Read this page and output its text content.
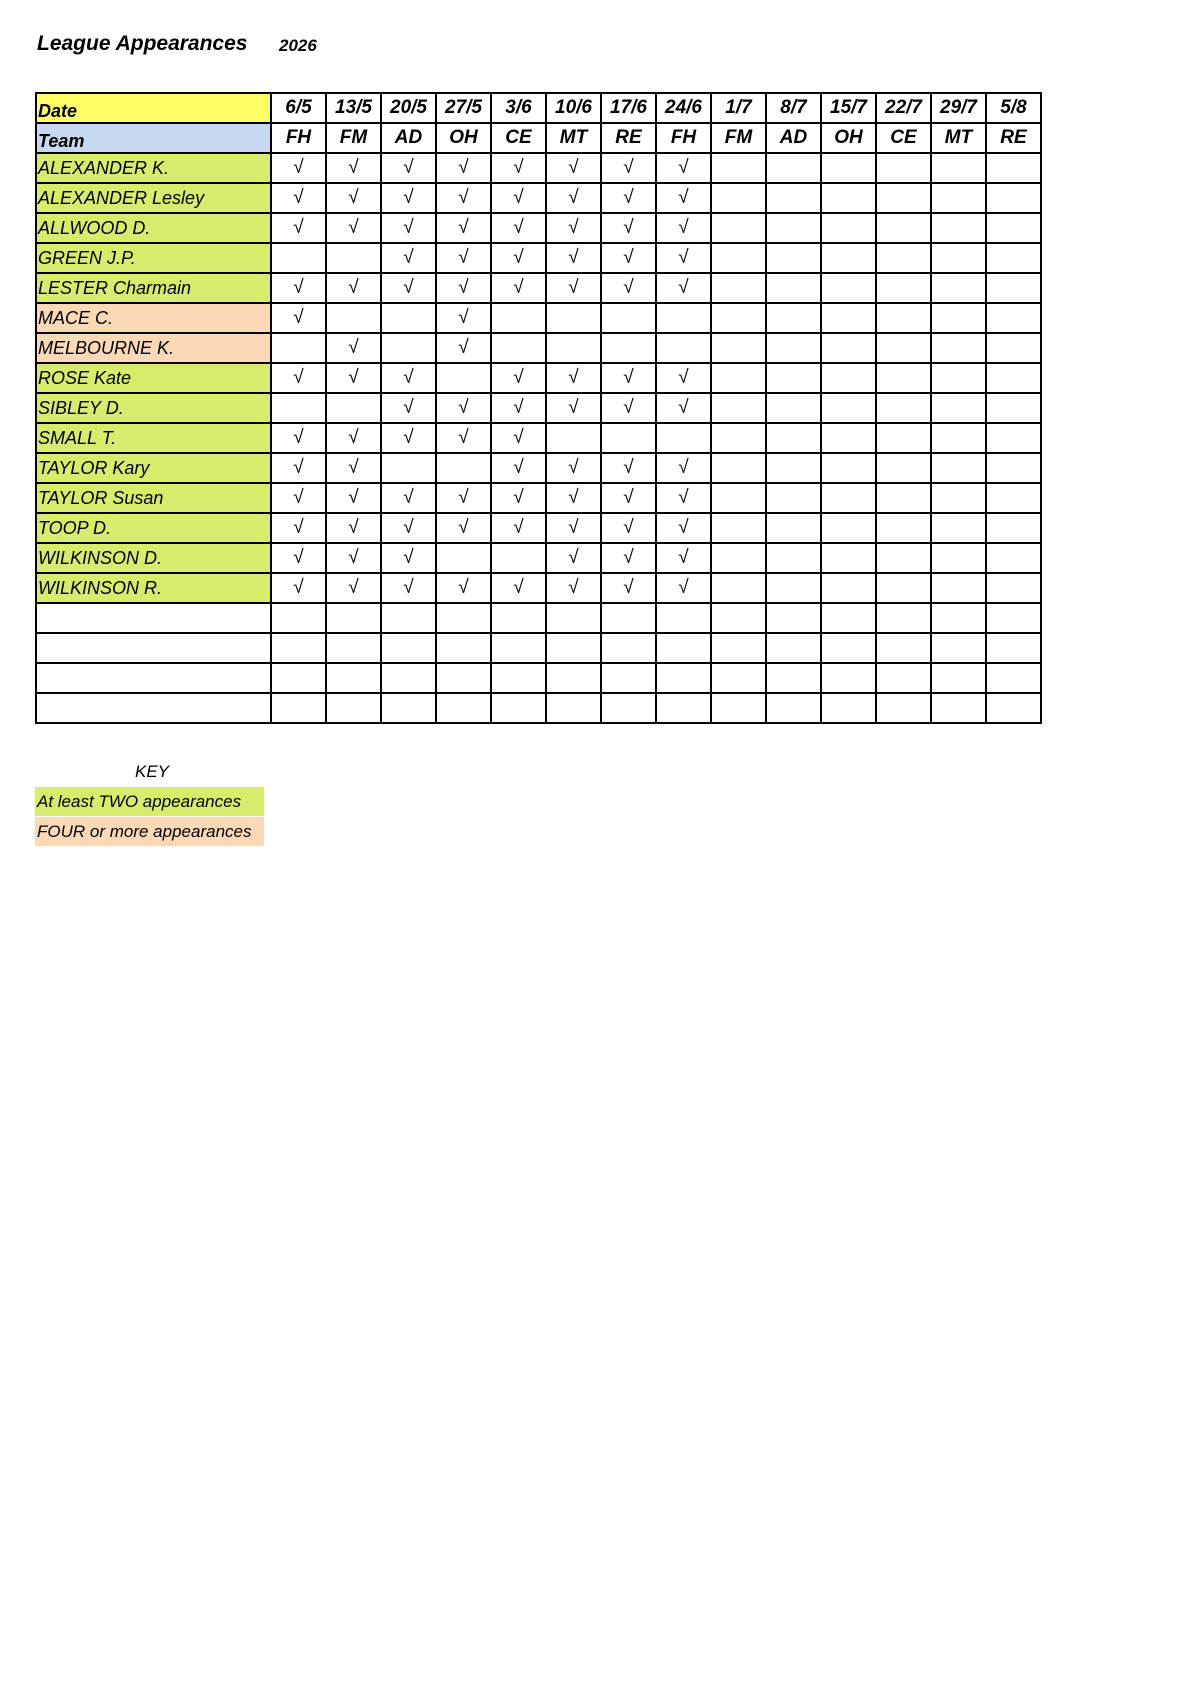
League Appearances 2026
Date	6/5	13/5	20/5	27/5	3/6	10/6	17/6	24/6	1/7	8/7	15/7	22/7	29/7	5/8
Team	FH	FM	AD	OH	CE	MT	RE	FH	FM	AD	OH	CE	MT	RE
ALEXANDER K.	√	√	√	√	√	√	√	√						
ALEXANDER Lesley	√	√	√	√	√	√	√	√						
ALLWOOD D.	√	√	√	√	√	√	√	√						
GREEN J.P.			√	√	√	√	√	√						
LESTER Charmain	√	√	√	√	√	√	√	√						
MACE C.	√			√										
MELBOURNE K.		√		√										
ROSE Kate	√	√	√		√	√	√	√						
SIBLEY D.			√	√	√	√	√	√						
SMALL T.	√	√	√	√	√									
TAYLOR Kary	√	√			√	√	√	√						
TAYLOR Susan	√	√	√	√	√	√	√	√						
TOOP D.	√	√	√	√	√	√	√	√						
WILKINSON D.	√	√	√			√	√	√						
WILKINSON R.	√	√	√	√	√	√	√	√						

KEY
At least TWO appearances
FOUR or more appearances
